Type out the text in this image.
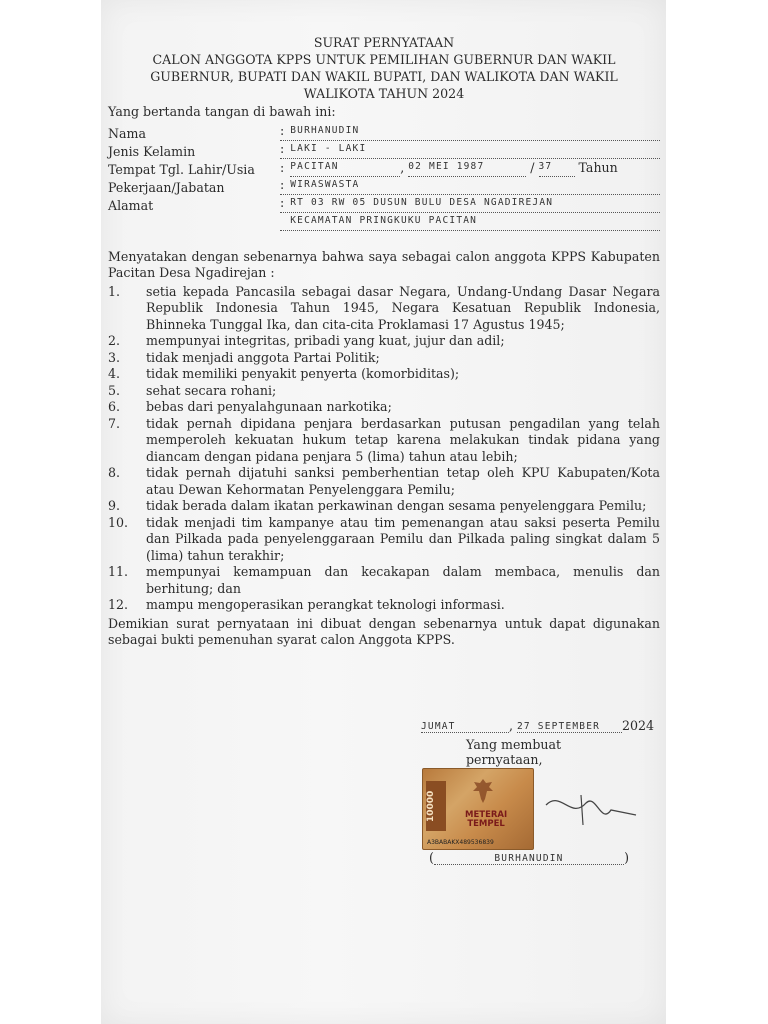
SURAT PERNYATAAN
CALON ANGGOTA KPPS UNTUK PEMILIHAN GUBERNUR DAN WAKIL
GUBERNUR, BUPATI DAN WAKIL BUPATI, DAN WALIKOTA DAN WAKIL
WALIKOTA TAHUN 2024
Yang bertanda tangan di bawah ini:
Nama	: BURHANUDIN
Jenis Kelamin	: LAKI - LAKI
Tempat Tgl. Lahir/Usia	: PACITAN	, 02 MEI 1987	/ 37	Tahun
Pekerjaan/Jabatan	: WIRASWASTA
Alamat	: RT 03 RW 05 DUSUN BULU DESA NGADIREJAN
KECAMATAN PRINGKUKU PACITAN
Menyatakan dengan sebenarnya bahwa saya sebagai calon anggota KPPS Kabupaten Pacitan Desa Ngadirejan :
1.	setia kepada Pancasila sebagai dasar Negara, Undang-Undang Dasar Negara Republik Indonesia Tahun 1945, Negara Kesatuan Republik Indonesia, Bhinneka Tunggal Ika, dan cita-cita Proklamasi 17 Agustus 1945;
2.	mempunyai integritas, pribadi yang kuat, jujur dan adil;
3.	tidak menjadi anggota Partai Politik;
4.	tidak memiliki penyakit penyerta (komorbiditas);
5.	sehat secara rohani;
6.	bebas dari penyalahgunaan narkotika;
7.	tidak pernah dipidana penjara berdasarkan putusan pengadilan yang telah memperoleh kekuatan hukum tetap karena melakukan tindak pidana yang diancam dengan pidana penjara 5 (lima) tahun atau lebih;
8.	tidak pernah dijatuhi sanksi pemberhentian tetap oleh KPU Kabupaten/Kota atau Dewan Kehormatan Penyelenggara Pemilu;
9.	tidak berada dalam ikatan perkawinan dengan sesama penyelenggara Pemilu;
10.	tidak menjadi tim kampanye atau tim pemenangan atau saksi peserta Pemilu dan Pilkada pada penyelenggaraan Pemilu dan Pilkada paling singkat dalam 5 (lima) tahun terakhir;
11.	mempunyai kemampuan dan kecakapan dalam membaca, menulis dan berhitung; dan
12.	mampu mengoperasikan perangkat teknologi informasi.
Demikian surat pernyataan ini dibuat dengan sebenarnya untuk dapat digunakan sebagai bukti pemenuhan syarat calon Anggota KPPS.
JUMAT	, 27 SEPTEMBER	2024
Yang membuat
pernyataan,
(	BURHANUDIN	)
10000	METERAI
TEMPEL
A3BABAKX489536839
